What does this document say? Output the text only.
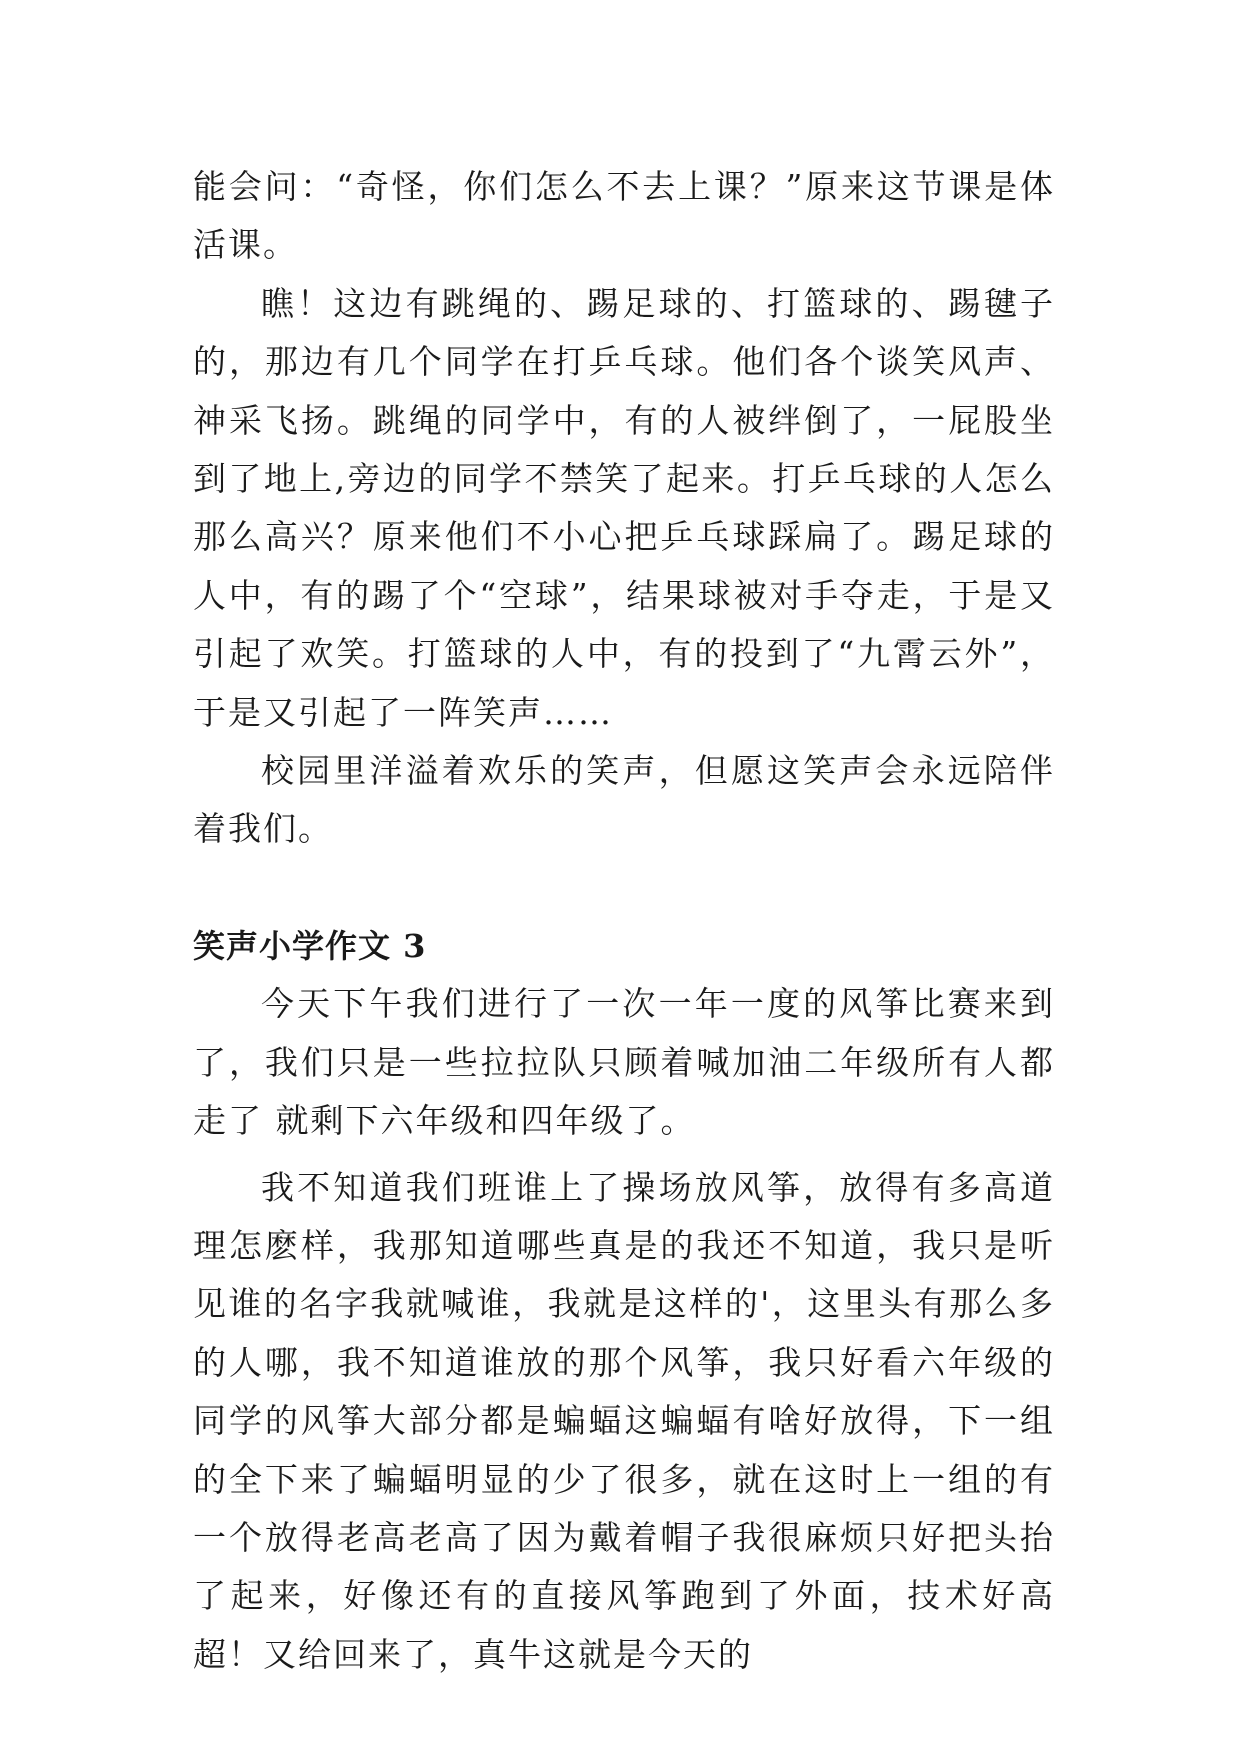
能会问：“奇怪，你们怎么不去上课？”原来这节课是体活课。

瞧！这边有跳绳的、踢足球的、打篮球的、踢毽子的，那边有几个同学在打乒乓球。他们各个谈笑风声、神采飞扬。跳绳的同学中，有的人被绊倒了，一屁股坐到了地上,旁边的同学不禁笑了起来。打乒乓球的人怎么那么高兴？原来他们不小心把乒乓球踩扁了。踢足球的人中，有的踢了个“空球”，结果球被对手夺走，于是又引起了欢笑。打篮球的人中，有的投到了“九霄云外”，于是又引起了一阵笑声……

校园里洋溢着欢乐的笑声，但愿这笑声会永远陪伴着我们。

笑声小学作文 3

今天下午我们进行了一次一年一度的风筝比赛来到了，我们只是一些拉拉队只顾着喊加油二年级所有人都走了 就剩下六年级和四年级了。

我不知道我们班谁上了操场放风筝，放得有多高道理怎麽样，我那知道哪些真是的我还不知道，我只是听见谁的名字我就喊谁，我就是这样的'，这里头有那么多的人哪，我不知道谁放的那个风筝，我只好看六年级的同学的风筝大部分都是蝙蝠这蝙蝠有啥好放得，下一组的全下来了蝙蝠明显的少了很多，就在这时上一组的有一个放得老高老高了因为戴着帽子我很麻烦只好把头抬了起来，好像还有的直接风筝跑到了外面，技术好高超！又给回来了，真牛这就是今天的
